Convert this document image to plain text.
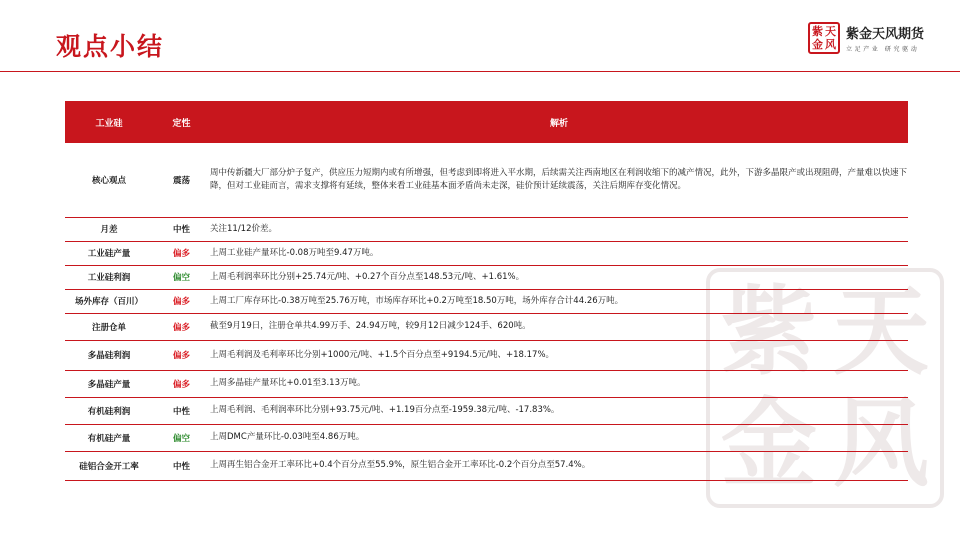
观点小结
紫 天
金 风
紫金天风期货
立足产业 研究驱动
紫 天
金 风
工业硅	定性	解析
核心观点	震荡	周中传新疆大厂部分炉子复产，供应压力短期内或有所增强，但考虑到即将进入平水期，后续需关注西南地区在利润收缩下的减产情况，此外，下游多晶限产或出现阻碍，产量难以快速下降，但对工业硅而言，需求支撑将有延续，整体来看工业硅基本面矛盾尚未走深，硅价预计延续震荡，关注后期库存变化情况。
月差	中性	关注11/12价差。
工业硅产量	偏多	上周工业硅产量环比-0.08万吨至9.47万吨。
工业硅利润	偏空	上周毛利润率环比分别+25.74元/吨、+0.27个百分点至148.53元/吨、+1.61%。
场外库存（百川）	偏多	上周工厂库存环比-0.38万吨至25.76万吨，市场库存环比+0.2万吨至18.50万吨，场外库存合计44.26万吨。
注册仓单	偏多	截至9月19日，注册仓单共4.99万手、24.94万吨，较9月12日减少124手、620吨。
多晶硅利润	偏多	上周毛利润及毛利率环比分别+1000元/吨、+1.5个百分点至+9194.5元/吨、+18.17%。
多晶硅产量	偏多	上周多晶硅产量环比+0.01至3.13万吨。
有机硅利润	中性	上周毛利润、毛利润率环比分别+93.75元/吨、+1.19百分点至-1959.38元/吨、-17.83%。
有机硅产量	偏空	上周DMC产量环比-0.03吨至4.86万吨。
硅铝合金开工率	中性	上周再生铝合金开工率环比+0.4个百分点至55.9%，原生铝合金开工率环比-0.2个百分点至57.4%。
